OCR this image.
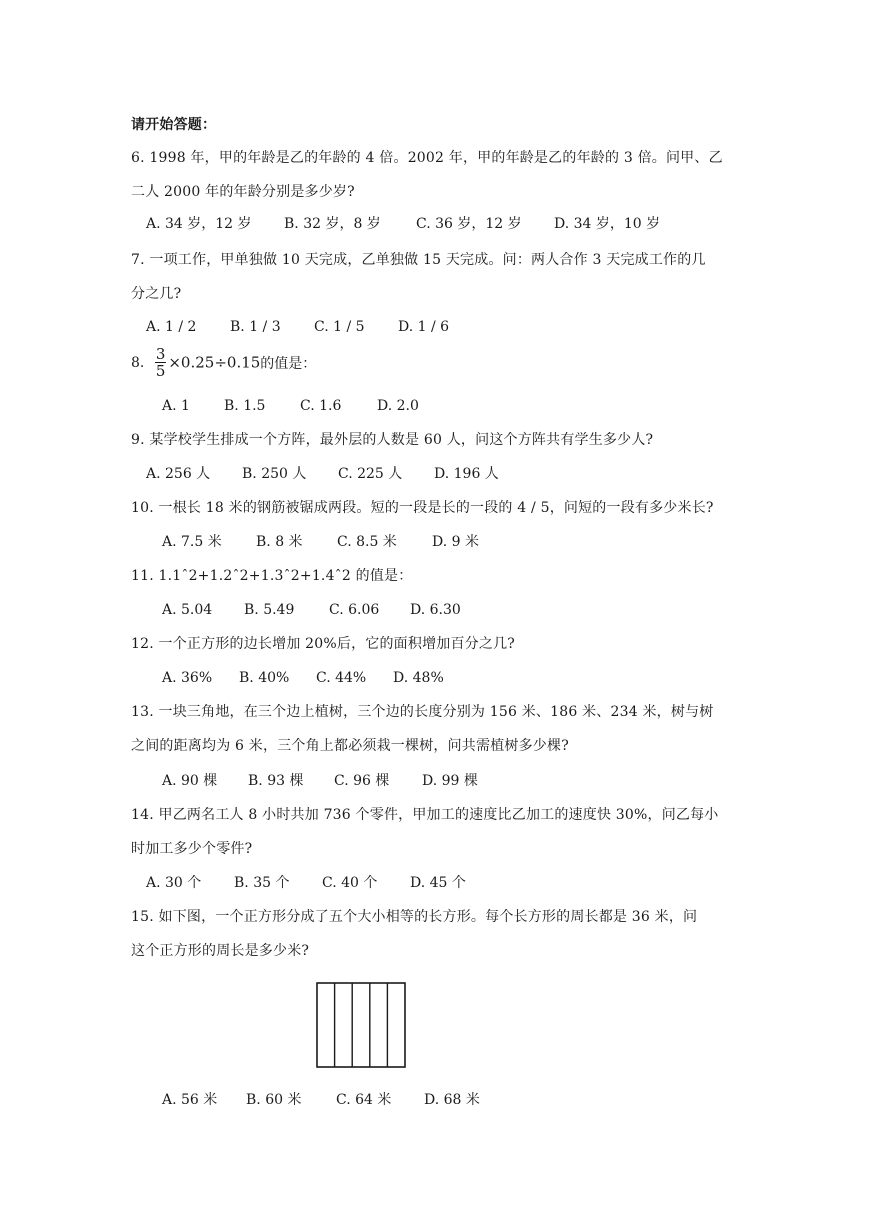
请开始答题：
6. 1998 年，甲的年龄是乙的年龄的 4 倍。2002 年，甲的年龄是乙的年龄的 3 倍。问甲、乙
二人 2000 年的年龄分别是多少岁?
A. 34 岁，12 岁 B. 32 岁，8 岁	C. 36 岁，12 岁 D. 34 岁，10 岁
7. 一项工作，甲单独做 10 天完成，乙单独做 15 天完成。问：两人合作 3 天完成工作的几
分之几?
A. 1 / 2 B. 1 / 3 C. 1 / 5 D. 1 / 6
8. $\frac{3}{5} \times 0.25\div 0.15$的值是：
A. 1 B. 1.5 C. 1.6	D. 2.0
9. 某学校学生排成一个方阵，最外层的人数是 60 人，问这个方阵共有学生多少人?
A. 256 人 B. 250 人 C. 225 人 D. 196 人
10. 一根长 18 米的钢筋被锯成两段。短的一段是长的一段的 4 / 5，问短的一段有多少米长?
A. 7.5 米 B. 8 米 C. 8.5 米	D. 9 米
11. 1.1ˆ2+1.2ˆ2+1.3ˆ2+1.4ˆ2 的值是：
A. 5.04 B. 5.49 C. 6.06 D. 6.30
12. 一个正方形的边长增加 20%后，它的面积增加百分之几?
A. 36% B. 40% C. 44% D. 48%
13. 一块三角地，在三个边上植树，三个边的长度分别为 156 米、186 米、234 米，树与树
之间的距离均为 6 米，三个角上都必须栽一棵树，问共需植树多少棵?
A. 90 棵 B. 93 棵 C. 96 棵 D. 99 棵
14. 甲乙两名工人 8 小时共加 736 个零件，甲加工的速度比乙加工的速度快 30%，问乙每小
时加工多少个零件?
A. 30 个 B. 35 个 C. 40 个 D. 45 个
15. 如下图，一个正方形分成了五个大小相等的长方形。每个长方形的周长都是 36 米，问
这个正方形的周长是多少米?
A. 56 米 B. 60 米 C. 64 米 D. 68 米
